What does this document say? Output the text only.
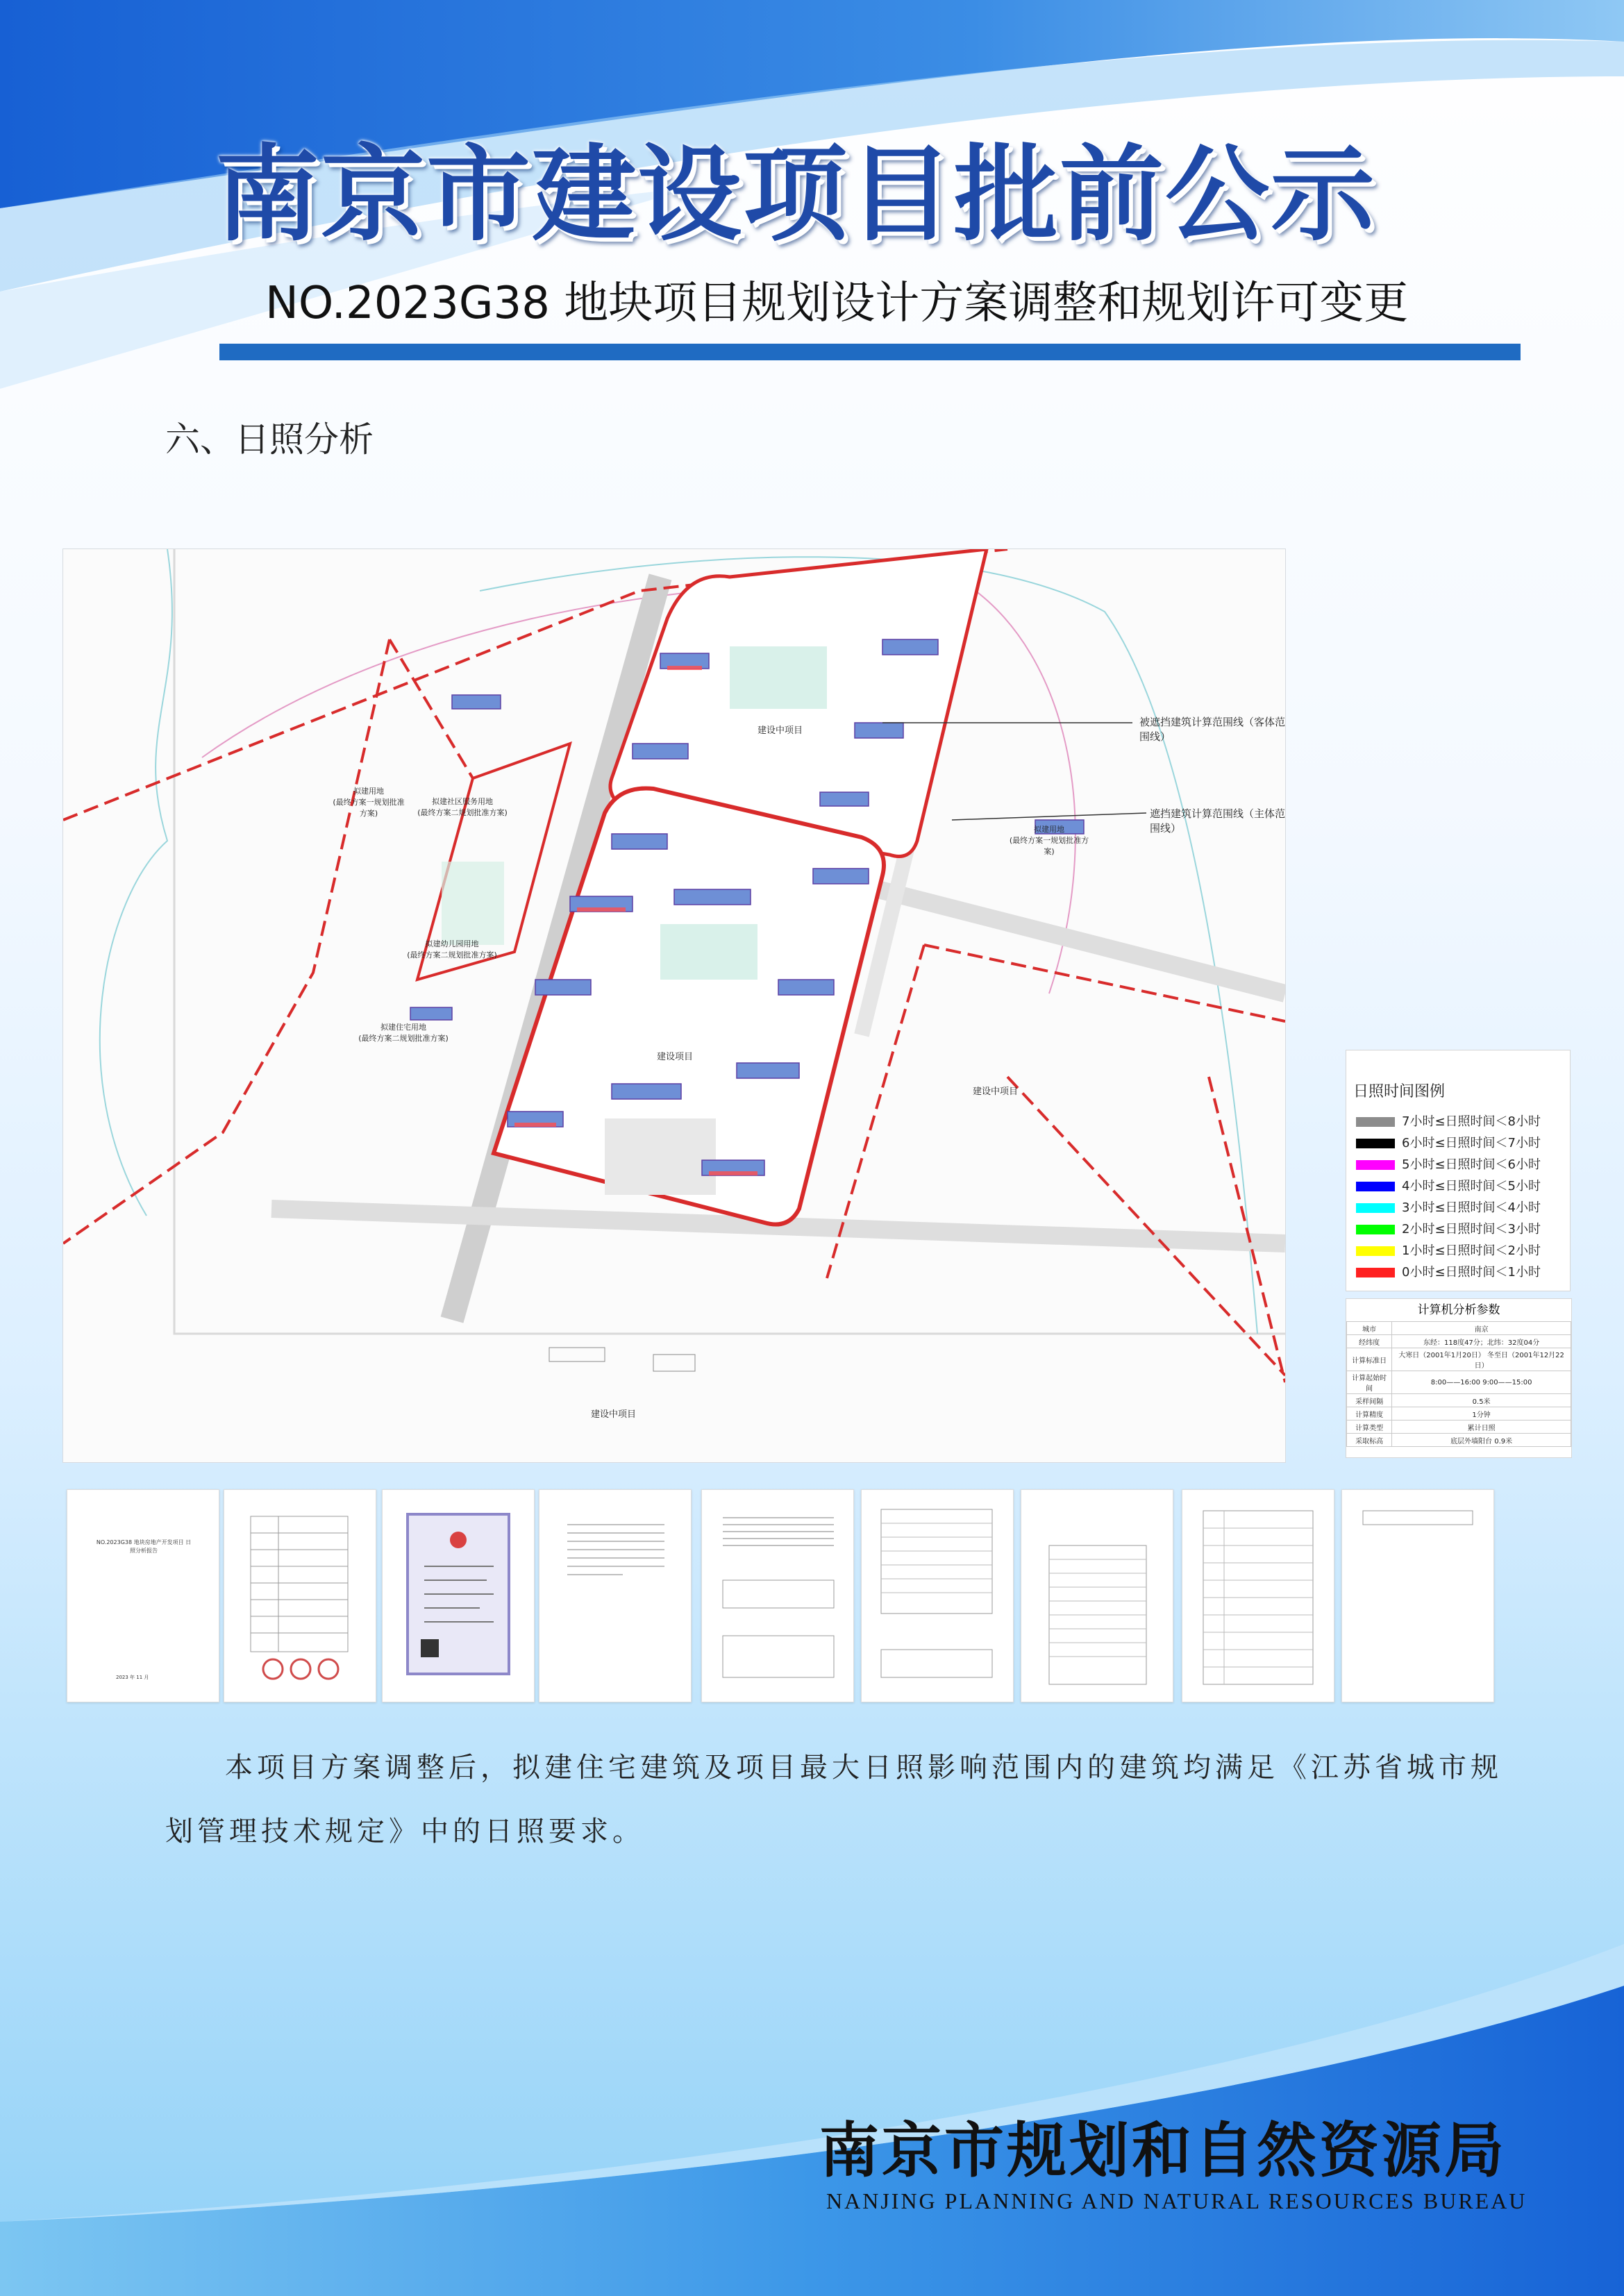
南京市建设项目批前公示
NO.2023G38 地块项目规划设计方案调整和规划许可变更
六、日照分析
被遮挡建筑计算范围线（客体范围线）
遮挡建筑计算范围线（主体范围线）
建设中项目
建设项目
建设中项目
建设中项目
拟建用地
(最终方案一规划批准方案)
拟建社区服务用地
(最终方案二规划批准方案)
拟建幼儿园用地
(最终方案二规划批准方案)
拟建住宅用地
(最终方案二规划批准方案)
拟建用地
(最终方案一规划批准方案)
日照时间图例
7小时≤日照时间＜8小时
6小时≤日照时间＜7小时
5小时≤日照时间＜6小时
4小时≤日照时间＜5小时
3小时≤日照时间＜4小时
2小时≤日照时间＜3小时
1小时≤日照时间＜2小时
0小时≤日照时间＜1小时
计算机分析参数
城市	南京
经纬度	东经：118度47分；北纬：32度04分
计算标准日	大寒日（2001年1月20日） 冬至日（2001年12月22日）
计算起始时间	8:00——16:00 9:00——15:00
采样间隔	0.5米
计算精度	1分钟
计算类型	累计日照
采取标高	底层外墙阳台 0.9米
NO.2023G38 地块房地产开发项目 日照分析报告
2023 年 11 月
本项目方案调整后，拟建住宅建筑及项目最大日照影响范围内的建筑均满足《江苏省城市规划管理技术规定》中的日照要求。
南京市规划和自然资源局
NANJING PLANNING AND NATURAL RESOURCES BUREAU
